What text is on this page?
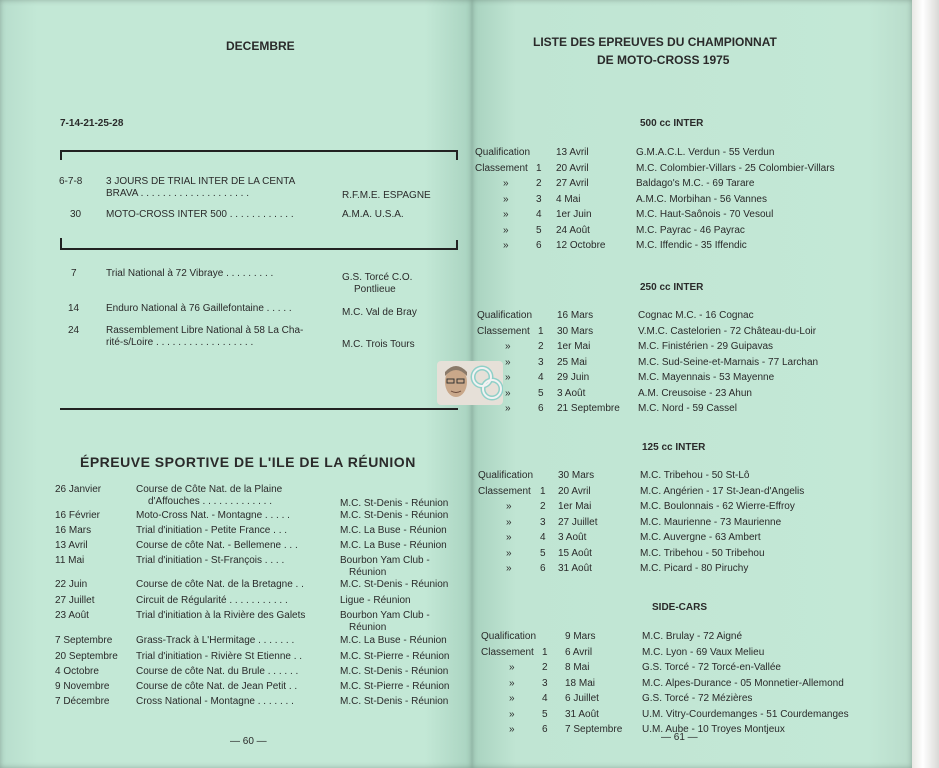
DECEMBRE
7-14-21-25-28
6-7-8 3 JOURS DE TRIAL INTER DE LA CENTA
BRAVA . . . . . . . . . . . . . . . . . . . .	R.F.M.E. ESPAGNE
30 MOTO-CROSS INTER 500 . . . . . . . . . . . .	A.M.A. U.S.A.
7	Trial National à 72 Vibraye . . . . . . . . .	G.S. Torcé C.O.
Pontlieue
14	Enduro National à 76 Gaillefontaine . . . . .	M.C. Val de Bray
24	Rassemblement Libre National à 58 La Cha-
rité-s/Loire . . . . . . . . . . . . . . . . . .	M.C. Trois Tours
ÉPREUVE SPORTIVE DE L'ILE DE LA RÉUNION
26 Janvier	Course de Côte Nat. de la Plaine
d'Affouches . . . . . . . . . . . . .	M.C. St-Denis - Réunion
16 Février	Moto-Cross Nat. - Montagne . . . . .	M.C. St-Denis - Réunion
16 Mars	Trial d'initiation - Petite France . . .	M.C. La Buse - Réunion
13 Avril	Course de côte Nat. - Bellemene . . .	M.C. La Buse - Réunion
11 Mai	Trial d'initiation - St-François . . . .	Bourbon Yam Club -
Réunion
22 Juin	Course de côte Nat. de la Bretagne . .	M.C. St-Denis - Réunion
27 Juillet	Circuit de Régularité . . . . . . . . . . .	Ligue - Réunion
23 Août	Trial d'initiation à la Rivière des Galets	Bourbon Yam Club -
Réunion
7 Septembre Grass-Track à L'Hermitage . . . . . . .	M.C. La Buse - Réunion
20 Septembre Trial d'initiation - Rivière St Etienne . .	M.C. St-Pierre - Réunion
4 Octobre	Course de côte Nat. du Brule . . . . . .	M.C. St-Denis - Réunion
9 Novembre	Course de côte Nat. de Jean Petit . .	M.C. St-Pierre - Réunion
7 Décembre	Cross National - Montagne . . . . . . .	M.C. St-Denis - Réunion
— 60 —
LISTE DES EPREUVES DU CHAMPIONNAT
DE MOTO-CROSS 1975
500 cc INTER
Qualification	13 Avril	G.M.A.C.L. Verdun - 55 Verdun
Classement 1 20 Avril	M.C. Colombier-Villars - 25 Colombier-Villars
»	2 27 Avril	Baldago's M.C. - 69 Tarare
»	3 4 Mai	A.M.C. Morbihan - 56 Vannes
»	4 1er Juin	M.C. Haut-Saônois - 70 Vesoul
»	5 24 Août	M.C. Payrac - 46 Payrac
»	6 12 Octobre	M.C. Iffendic - 35 Iffendic
250 cc INTER
Qualification 16 Mars	Cognac M.C. - 16 Cognac
Classement 1 30 Mars	V.M.C. Castelorien - 72 Château-du-Loir
»	2 1er Mai	M.C. Finistérien - 29 Guipavas
»	3 25 Mai	M.C. Sud-Seine-et-Marnais - 77 Larchan
»	4 29 Juin	M.C. Mayennais - 53 Mayenne
»	5 3 Août	A.M. Creusoise - 23 Ahun
»	6 21 Septembre M.C. Nord - 59 Cassel
125 cc INTER
Qualification 30 Mars	M.C. Tribehou - 50 St-Lô
Classement 1 20 Avril	M.C. Angérien - 17 St-Jean-d'Angelis
»	2 1er Mai	M.C. Boulonnais - 62 Wierre-Effroy
»	3 27 Juillet	M.C. Maurienne - 73 Maurienne
»	4 3 Août	M.C. Auvergne - 63 Ambert
»	5 15 Août	M.C. Tribehou - 50 Tribehou
»	6 31 Août	M.C. Picard - 80 Piruchy
SIDE-CARS
Qualification	9 Mars	M.C. Brulay - 72 Aigné
Classement 1 6 Avril	M.C. Lyon - 69 Vaux Melieu
»	2 8 Mai	G.S. Torcé - 72 Torcé-en-Vallée
»	3 18 Mai	M.C. Alpes-Durance - 05 Monnetier-Allemond
»	4 6 Juillet	G.S. Torcé - 72 Mézières
»	5 31 Août	U.M. Vitry-Courdemanges - 51 Courdemanges
»	6 7 Septembre U.M. Aube - 10 Troyes Montjeux
— 61 —
